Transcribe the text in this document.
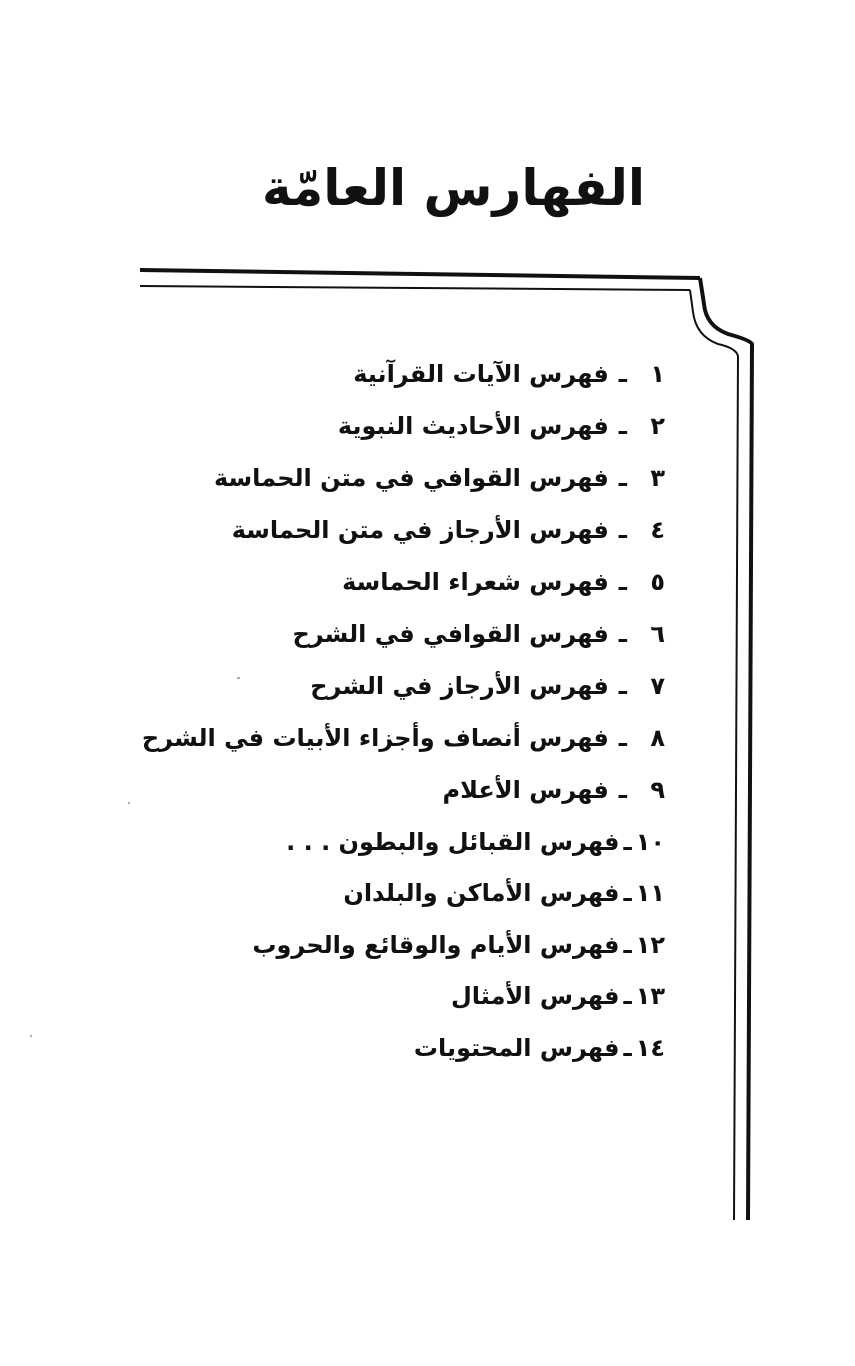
الفهارس العامّة
١
ـ
فهرس الآيات القرآنية
٢
ـ
فهرس الأحاديث النبوية
٣
ـ
فهرس القوافي في متن الحماسة
٤
ـ
فهرس الأرجاز في متن الحماسة
٥
ـ
فهرس شعراء الحماسة
٦
ـ
فهرس القوافي في الشرح
٧
ـ
فهرس الأرجاز في الشرح
٨
ـ
فهرس أنصاف وأجزاء الأبيات في الشرح
٩
ـ
فهرس الأعلام
١٠
ـ
فهرس القبائل والبطون . . .
١١
ـ
فهرس الأماكن والبلدان
١٢
ـ
فهرس الأيام والوقائع والحروب
١٣
ـ
فهرس الأمثال
١٤
ـ
فهرس المحتويات
